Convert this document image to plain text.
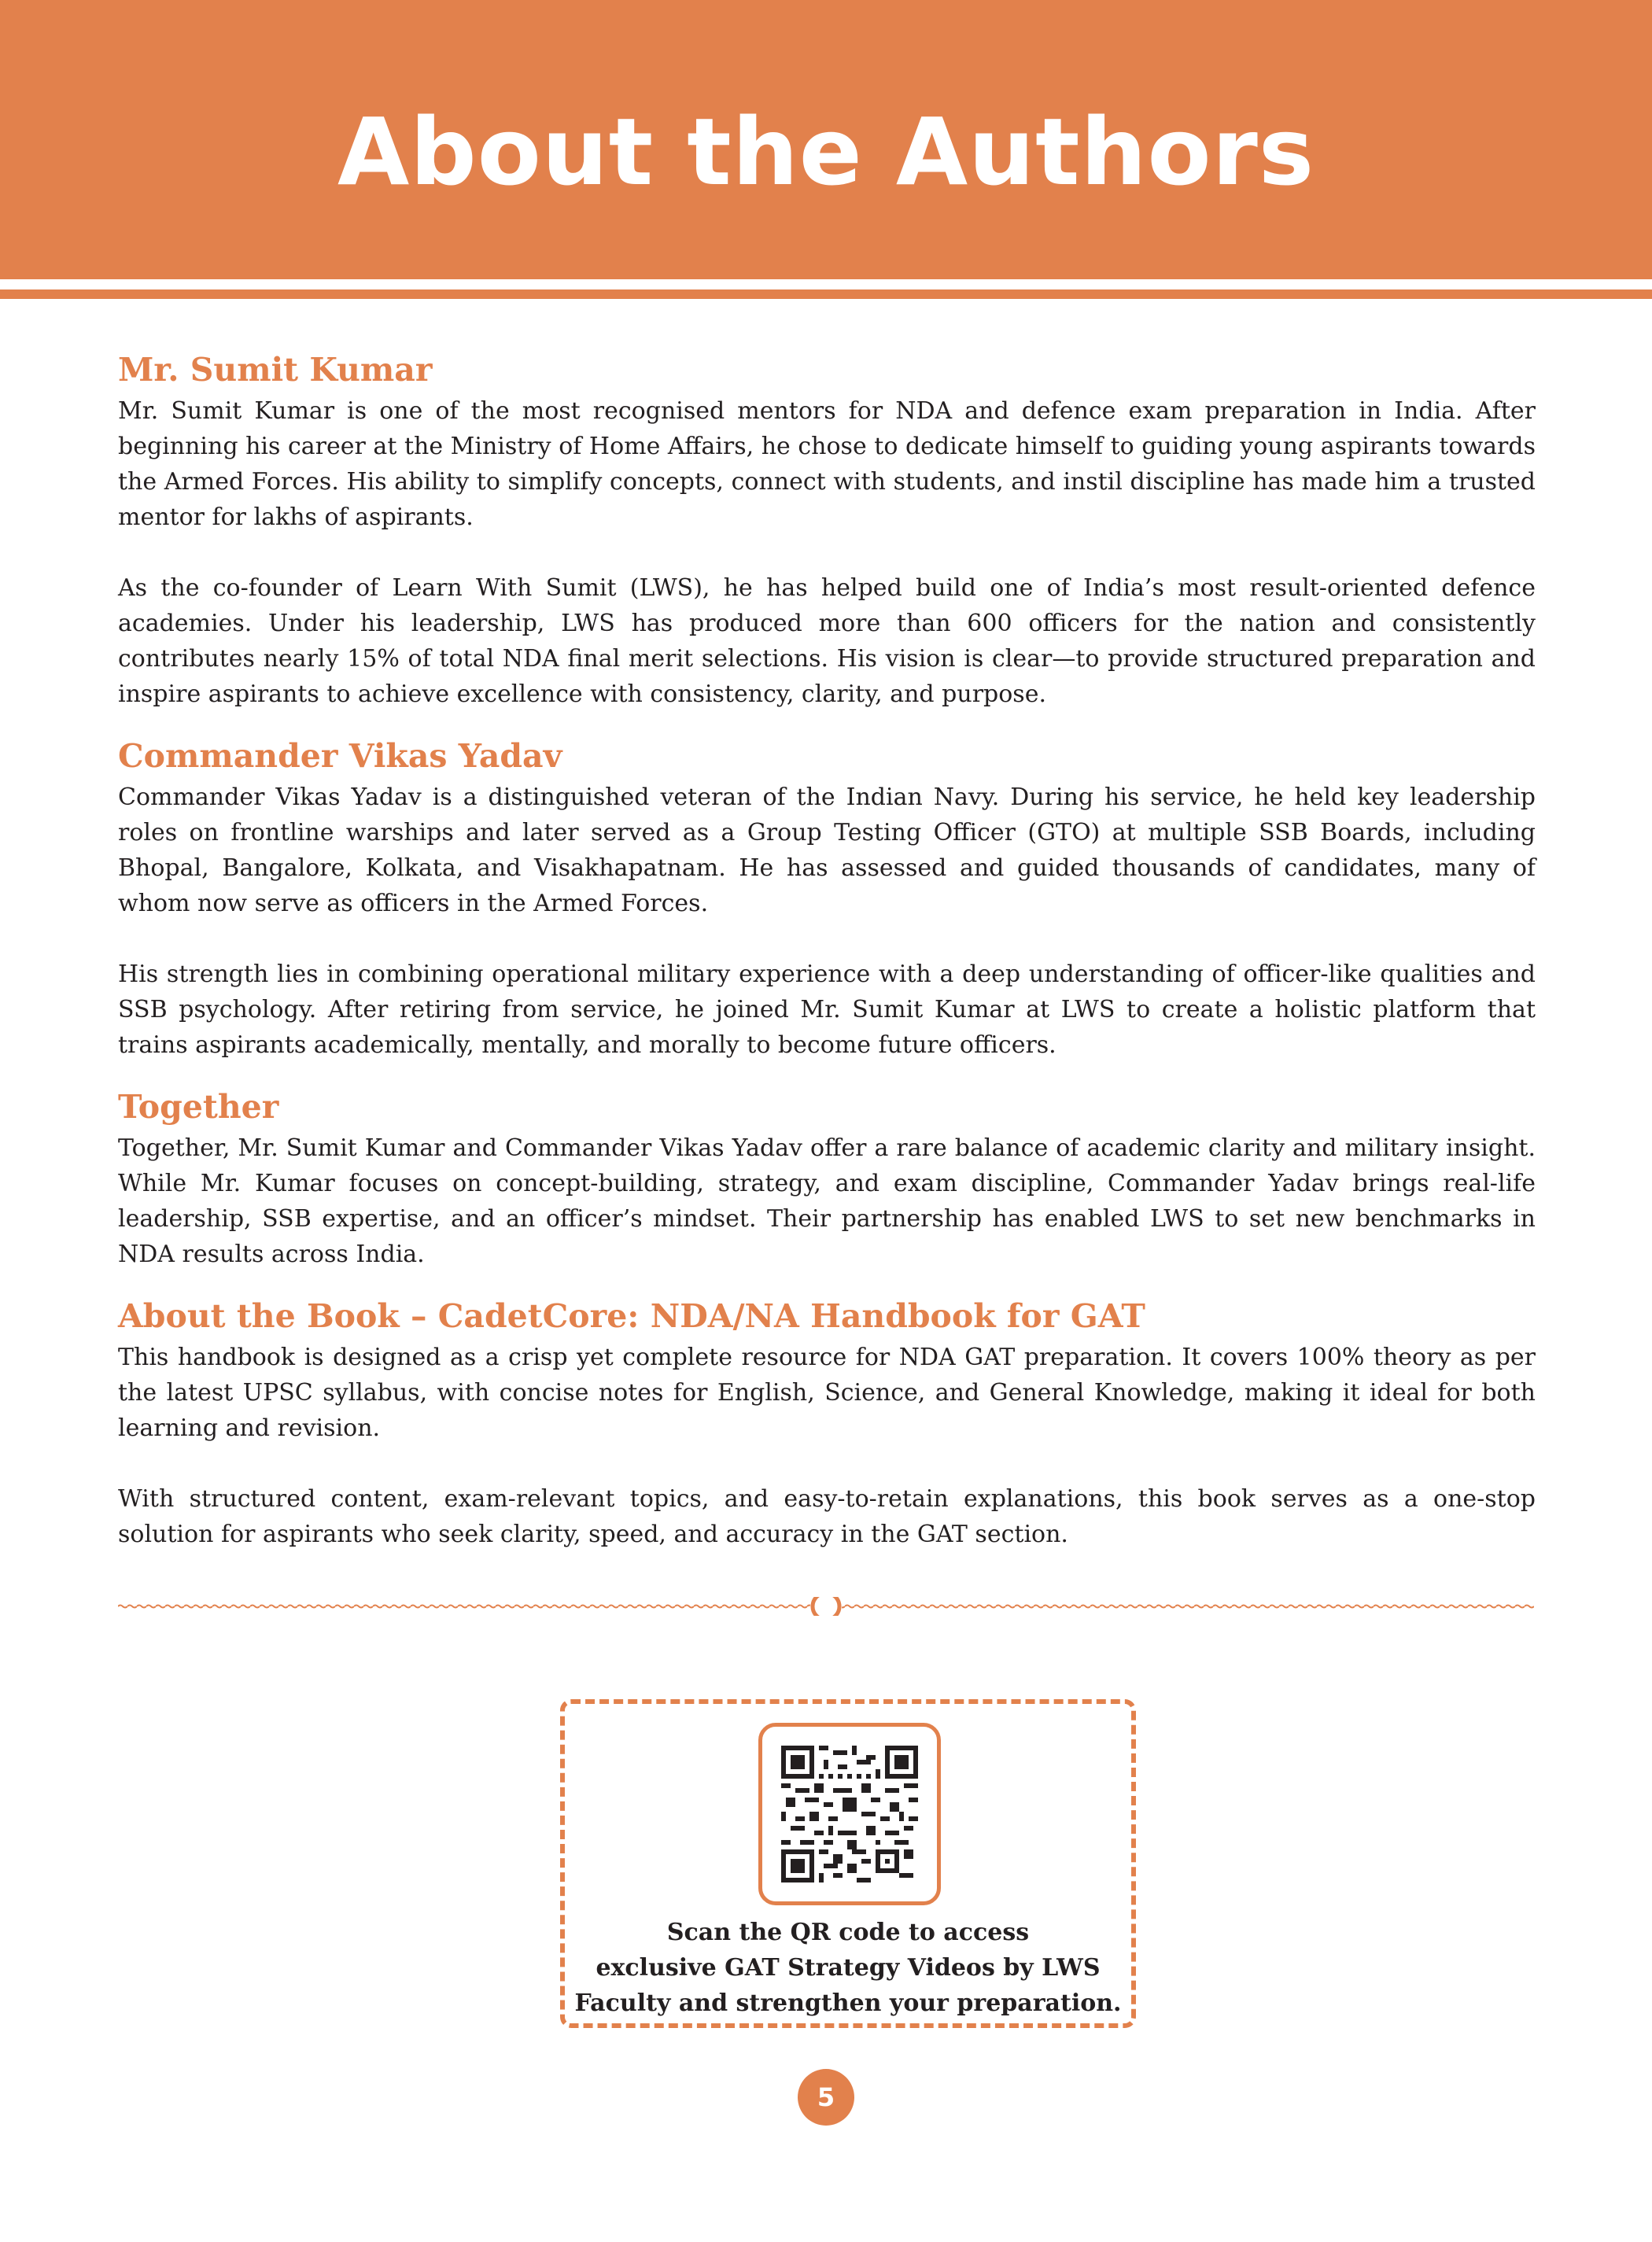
About the Authors
Mr. Sumit Kumar

Mr. Sumit Kumar is one of the most recognised mentors for NDA and defence exam preparation in India. After beginning his career at the Ministry of Home Affairs, he chose to dedicate himself to guiding young aspirants towards the Armed Forces. His ability to simplify concepts, connect with students, and instil discipline has made him a trusted mentor for lakhs of aspirants.

As the co-founder of Learn With Sumit (LWS), he has helped build one of India’s most result-oriented defence academies. Under his leadership, LWS has produced more than 600 officers for the nation and consistently contributes nearly 15% of total NDA final merit selections. His vision is clear—to provide structured preparation and inspire aspirants to achieve excellence with consistency, clarity, and purpose.

Commander Vikas Yadav

Commander Vikas Yadav is a distinguished veteran of the Indian Navy. During his service, he held key leadership roles on frontline warships and later served as a Group Testing Officer (GTO) at multiple SSB Boards, including Bhopal, Bangalore, Kolkata, and Visakhapatnam. He has assessed and guided thousands of candidates, many of whom now serve as officers in the Armed Forces.

His strength lies in combining operational military experience with a deep understanding of officer-like qualities and SSB psychology. After retiring from service, he joined Mr. Sumit Kumar at LWS to create a holistic platform that trains aspirants academically, mentally, and morally to become future officers.

Together

Together, Mr. Sumit Kumar and Commander Vikas Yadav offer a rare balance of academic clarity and military insight. While Mr. Kumar focuses on concept-building, strategy, and exam discipline, Commander Yadav brings real-life leadership, SSB expertise, and an officer’s mindset. Their partnership has enabled LWS to set new benchmarks in NDA results across India.

About the Book – CadetCore: NDA/NA Handbook for GAT

This handbook is designed as a crisp yet complete resource for NDA GAT preparation. It covers 100% theory as per the latest UPSC syllabus, with concise notes for English, Science, and General Knowledge, making it ideal for both learning and revision.

With structured content, exam-relevant topics, and easy-to-retain explanations, this book serves as a one-stop solution for aspirants who seek clarity, speed, and accuracy in the GAT section.

Scan the QR code to access
exclusive GAT Strategy Videos by LWS
Faculty and strengthen your preparation.
5
